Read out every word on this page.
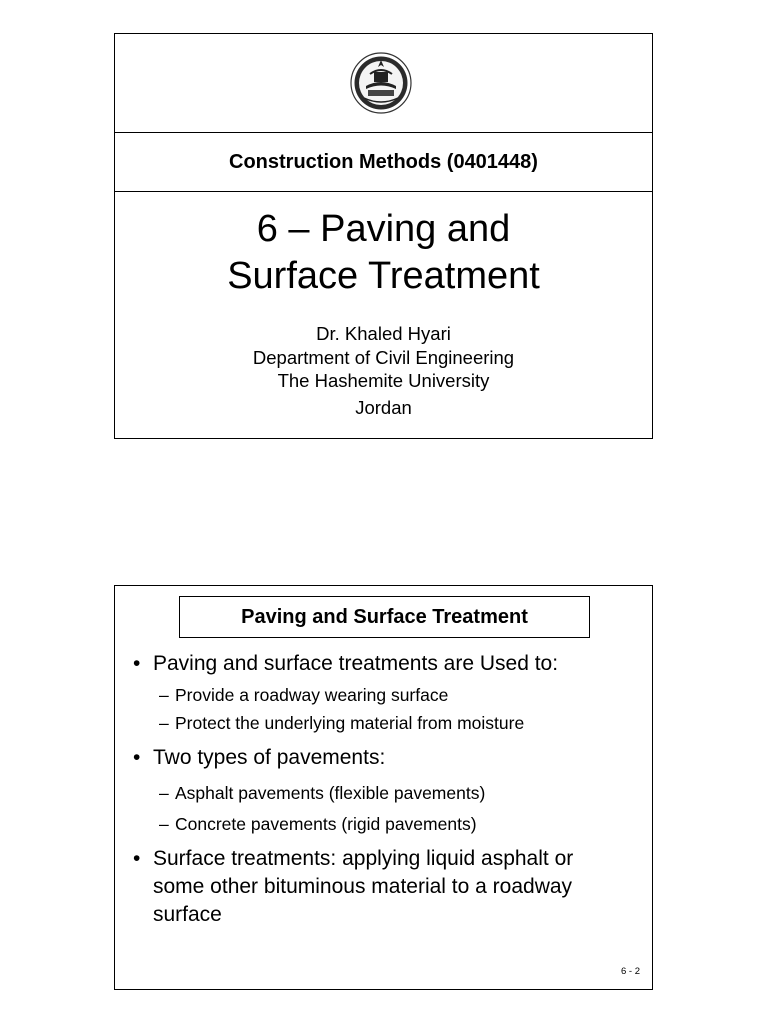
Construction Methods (0401448)
6 – Paving and
Surface Treatment
Dr. Khaled Hyari
Department of Civil Engineering
The Hashemite University
Jordan
Paving and Surface Treatment
• Paving and surface treatments are Used to:
– Provide a roadway wearing surface
– Protect the underlying material from moisture
• Two types of pavements:
– Asphalt pavements (flexible pavements)
– Concrete pavements (rigid pavements)
• Surface treatments: applying liquid asphalt or
some other bituminous material to a roadway
surface
6 - 2
